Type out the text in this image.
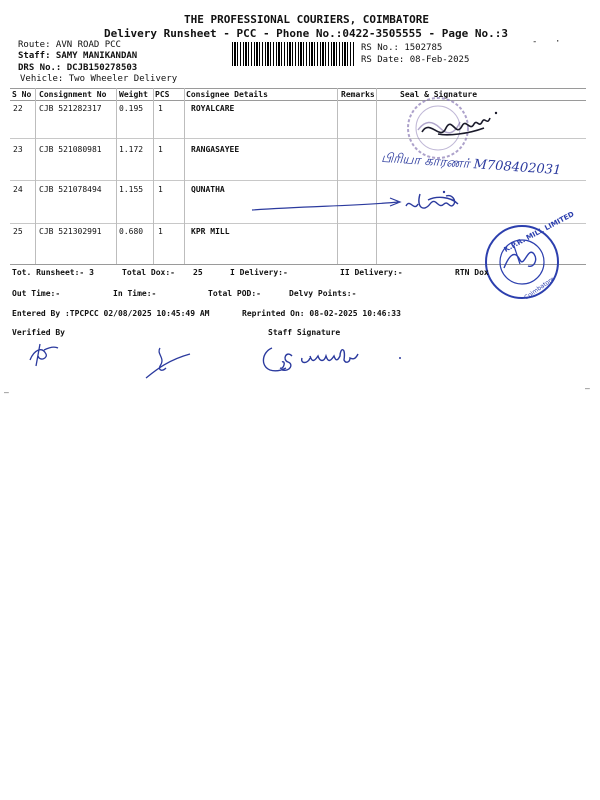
THE PROFESSIONAL COURIERS, COIMBATORE
Delivery Runsheet - PCC - Phone No.:0422-3505555 - Page No.:3
Route: AVN ROAD PCC
Staff: SAMY MANIKANDAN
DRS No.: DCJB150278503
Vehicle: Two Wheeler Delivery
RS No.: 1502785
RS Date: 08-Feb-2025
- ·
S No Consignment No Weight PCS Consignee Details	Remarks	Seal & Signature
22 CJB 521282317 0.195 1	ROYALCARE
23 CJB 521080981 1.172 1	RANGASAYEE
24 CJB 521078494 1.155 1	QUNATHA
25 CJB 521302991 0.680 1	KPR MILL
பிரியா காரணர் M708402031
K.P.R. MILL LIMITED
Coimbatore
Tot. Runsheet:- 3	Total Dox:- 25	I Delivery:-	II Delivery:-	RTN Dox
Out Time:-	In Time:-	Total POD:-	Delvy Points:-
Entered By :TPCPCC 02/08/2025 10:45:49 AM	Reprinted On: 08-02-2025 10:46:33
Verified By	Staff Signature
—	—
